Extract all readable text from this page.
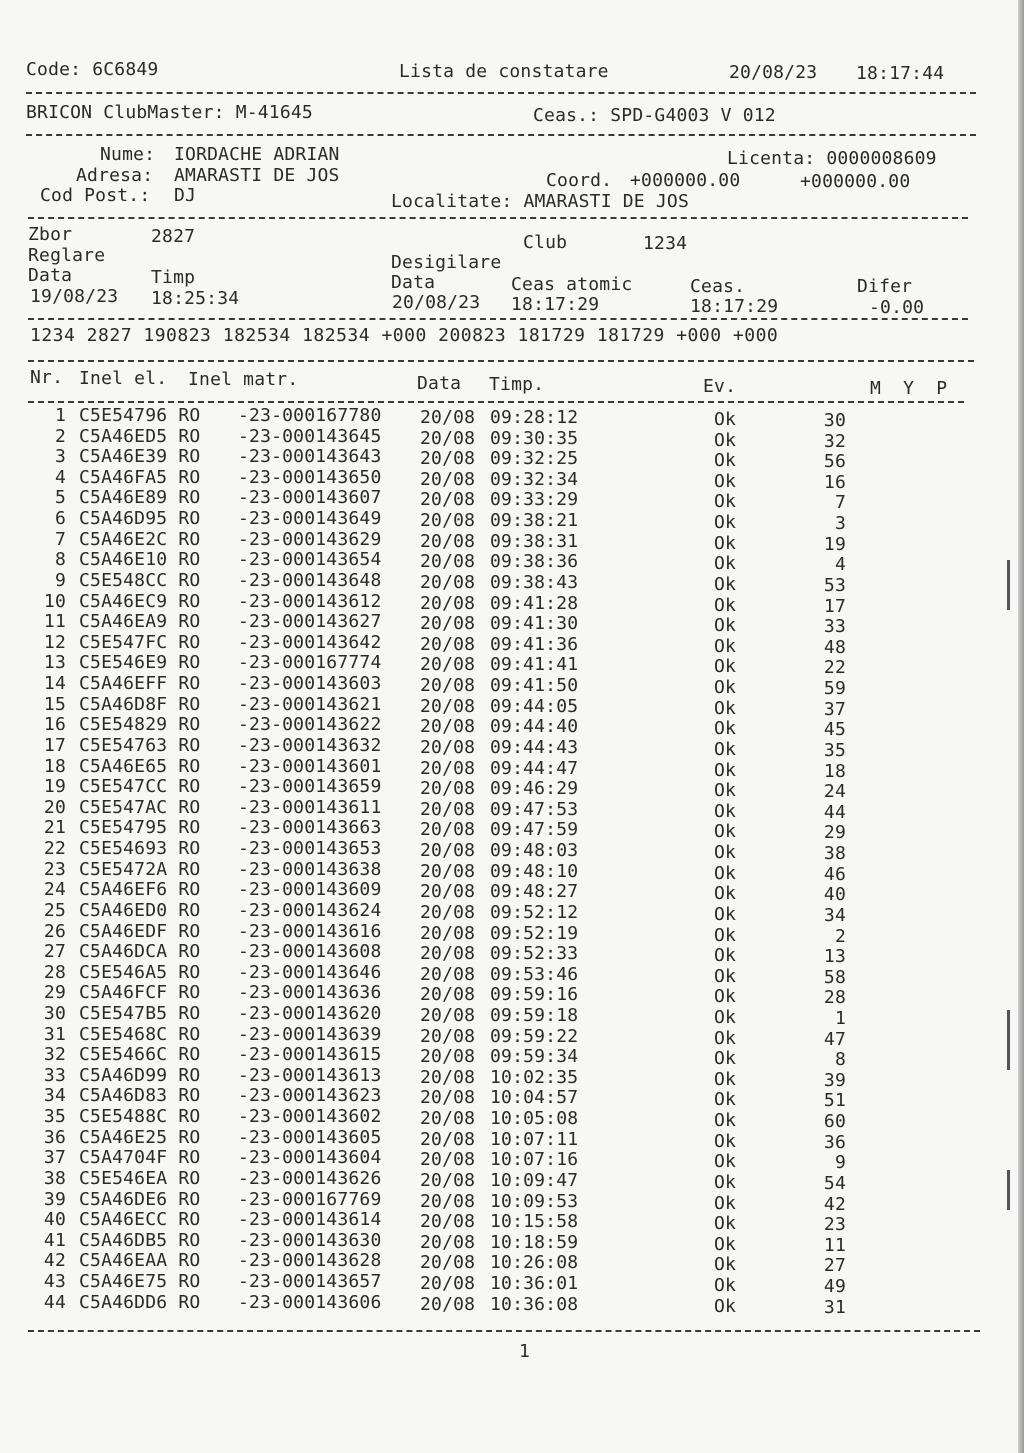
Code: 6C6849	Lista de constatare	20/08/23 18:17:44
BRICON ClubMaster: M-41645	Ceas.: SPD-G4003 V 012
Nume: IORDACHE ADRIAN
Adresa: AMARASTI DE JOS
Cod Post.: DJ
Licenta: 0000008609
Coord. +000000.00	+000000.00
Localitate: AMARASTI DE JOS
Zbor	2827	Club	1234
Reglare	Desigilare
Data	Timp	Data	Ceas atomic	Ceas.	Difer
19/08/23 18:25:34	20/08/23 18:17:29	18:17:29	-0.00
1234 2827 190823 182534 182534 +000 200823 181729 181729 +000 +000
Nr. Inel el. Inel matr.	Data Timp.	Ev.	M  Y  P
1 C5E54796 RO -23-000167780 20/08 09:28:12	Ok	30
2 C5A46ED5 RO -23-000143645 20/08 09:30:35	Ok	32
3 C5A46E39 RO -23-000143643 20/08 09:32:25	Ok	56
4 C5A46FA5 RO -23-000143650 20/08 09:32:34	Ok	16
5 C5A46E89 RO -23-000143607 20/08 09:33:29	Ok	7
6 C5A46D95 RO -23-000143649 20/08 09:38:21	Ok	3
7 C5A46E2C RO -23-000143629 20/08 09:38:31	Ok	19
8 C5A46E10 RO -23-000143654 20/08 09:38:36	Ok	4
9 C5E548CC RO -23-000143648 20/08 09:38:43	Ok	53
10 C5A46EC9 RO -23-000143612 20/08 09:41:28	Ok	17
11 C5A46EA9 RO -23-000143627 20/08 09:41:30	Ok	33
12 C5E547FC RO -23-000143642 20/08 09:41:36	Ok	48
13 C5E546E9 RO -23-000167774 20/08 09:41:41	Ok	22
14 C5A46EFF RO -23-000143603 20/08 09:41:50	Ok	59
15 C5A46D8F RO -23-000143621 20/08 09:44:05	Ok	37
16 C5E54829 RO -23-000143622 20/08 09:44:40	Ok	45
17 C5E54763 RO -23-000143632 20/08 09:44:43	Ok	35
18 C5A46E65 RO -23-000143601 20/08 09:44:47	Ok	18
19 C5E547CC RO -23-000143659 20/08 09:46:29	Ok	24
20 C5E547AC RO -23-000143611 20/08 09:47:53	Ok	44
21 C5E54795 RO -23-000143663 20/08 09:47:59	Ok	29
22 C5E54693 RO -23-000143653 20/08 09:48:03	Ok	38
23 C5E5472A RO -23-000143638 20/08 09:48:10	Ok	46
24 C5A46EF6 RO -23-000143609 20/08 09:48:27	Ok	40
25 C5A46ED0 RO -23-000143624 20/08 09:52:12	Ok	34
26 C5A46EDF RO -23-000143616 20/08 09:52:19	Ok	2
27 C5A46DCA RO -23-000143608 20/08 09:52:33	Ok	13
28 C5E546A5 RO -23-000143646 20/08 09:53:46	Ok	58
29 C5A46FCF RO -23-000143636 20/08 09:59:16	Ok	28
30 C5E547B5 RO -23-000143620 20/08 09:59:18	Ok	1
31 C5E5468C RO -23-000143639 20/08 09:59:22	Ok	47
32 C5E5466C RO -23-000143615 20/08 09:59:34	Ok	8
33 C5A46D99 RO -23-000143613 20/08 10:02:35	Ok	39
34 C5A46D83 RO -23-000143623 20/08 10:04:57	Ok	51
35 C5E5488C RO -23-000143602 20/08 10:05:08	Ok	60
36 C5A46E25 RO -23-000143605 20/08 10:07:11	Ok	36
37 C5A4704F RO -23-000143604 20/08 10:07:16	Ok	9
38 C5E546EA RO -23-000143626 20/08 10:09:47	Ok	54
39 C5A46DE6 RO -23-000167769 20/08 10:09:53	Ok	42
40 C5A46ECC RO -23-000143614 20/08 10:15:58	Ok	23
41 C5A46DB5 RO -23-000143630 20/08 10:18:59	Ok	11
42 C5A46EAA RO -23-000143628 20/08 10:26:08	Ok	27
43 C5A46E75 RO -23-000143657 20/08 10:36:01	Ok	49
44 C5A46DD6 RO -23-000143606 20/08 10:36:08	Ok	31
1
